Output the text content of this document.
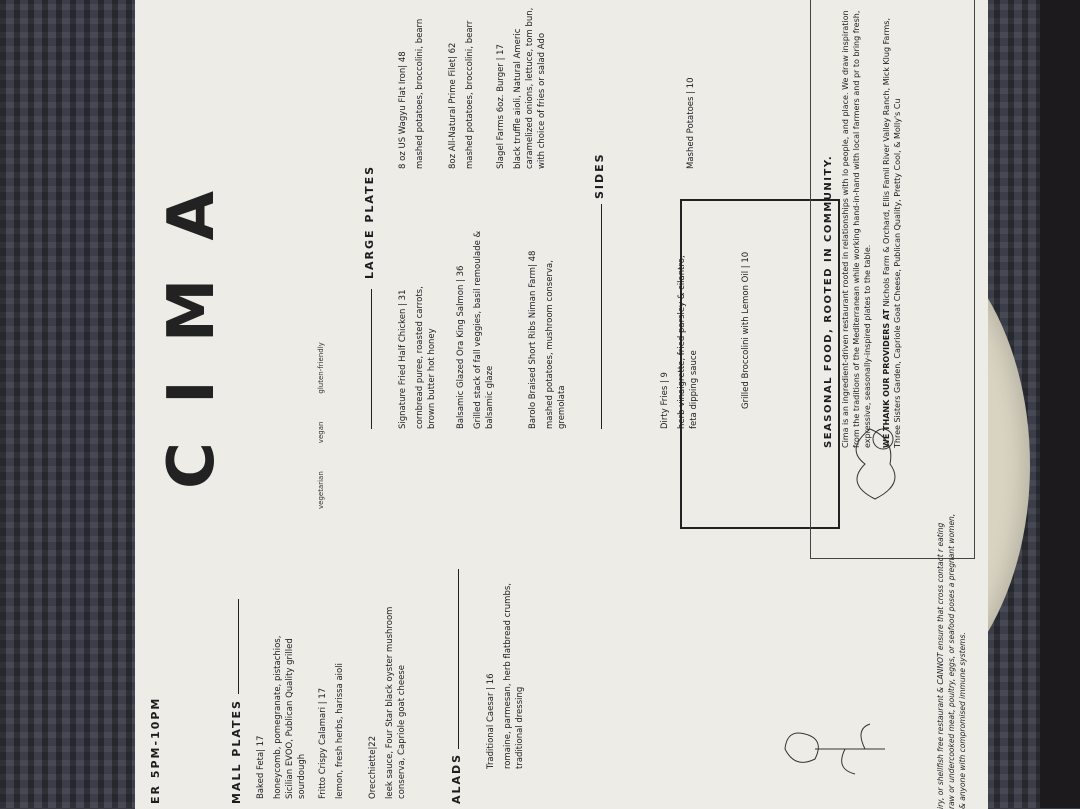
ER 5PM-10PM
CIMA
vegetarian
vegan
gluten-friendly
MALL PLATES Baked Feta| 17 honeycomb, pomegranate, pistachios, Sicilian EVOO, Publican Quality grilled sourdough Fritto Crispy Calamari | 17 lemon, fresh herbs, harissa aioli	Orecchiette|22 leek sauce, Four Star black oyster mushroom conserva, Capriole goat cheese	ALADS
Traditional Caesar | 16 romaine, parmesan, herb flatbread crumbs, traditional dressing
LARGE PLATES
Signature Fried Half Chicken | 31 cornbread puree, roasted carrots, brown butter hot honey Balsamic Glazed Ora King Salmon | 36 Grilled stack of fall veggies, basil remoulade & balsamic glaze	Barolo Braised Short Ribs Niman Farm| 48 mashed potatoes, mushroom conserva, gremolata
8 oz US Wagyu Flat Iron| 48 mashed potatoes, broccolini, bearn	8oz All-Natural Prime Filet| 62 mashed potatoes, broccolini, bearr Slagel Farms 6oz. Burger | 17 black truffle aioli, Natural Americ caramelized onions, lettuce, tom bun, with choice of fries or salad Ado
SIDES
Dirty Fries | 9 herb vinaigrette, fried parsley & cilantro, feta dipping sauce	Grilled Broccolini with Lemon Oil | 10
Mashed Potatoes | 10
SEASONAL FOOD, ROOTED IN COMMUNITY. Cima is an ingredient-driven restaurant rooted in relationships with lo people, and place. We draw inspiration from the traditions of the Mediterranean while working hand-in-hand with local farmers and pr to bring fresh, expressive, seasonally-inspired plates to the table. WE THANK OUR PROVIDERS AT Nichols Farm & Orchard, Ellis Famil River Valley Ranch, Mick Klug Farms, Three Sisters Garden, Capriole Goat Cheese, Publican Quality, Pretty Cool, & Molly's Cu
iry, or shellfish free restaurant & CANNOT ensure that cross contact r eating raw or undercooked meat, poultry, eggs, or seafood poses a pregnant women, & anyone with compromised immune systems.
